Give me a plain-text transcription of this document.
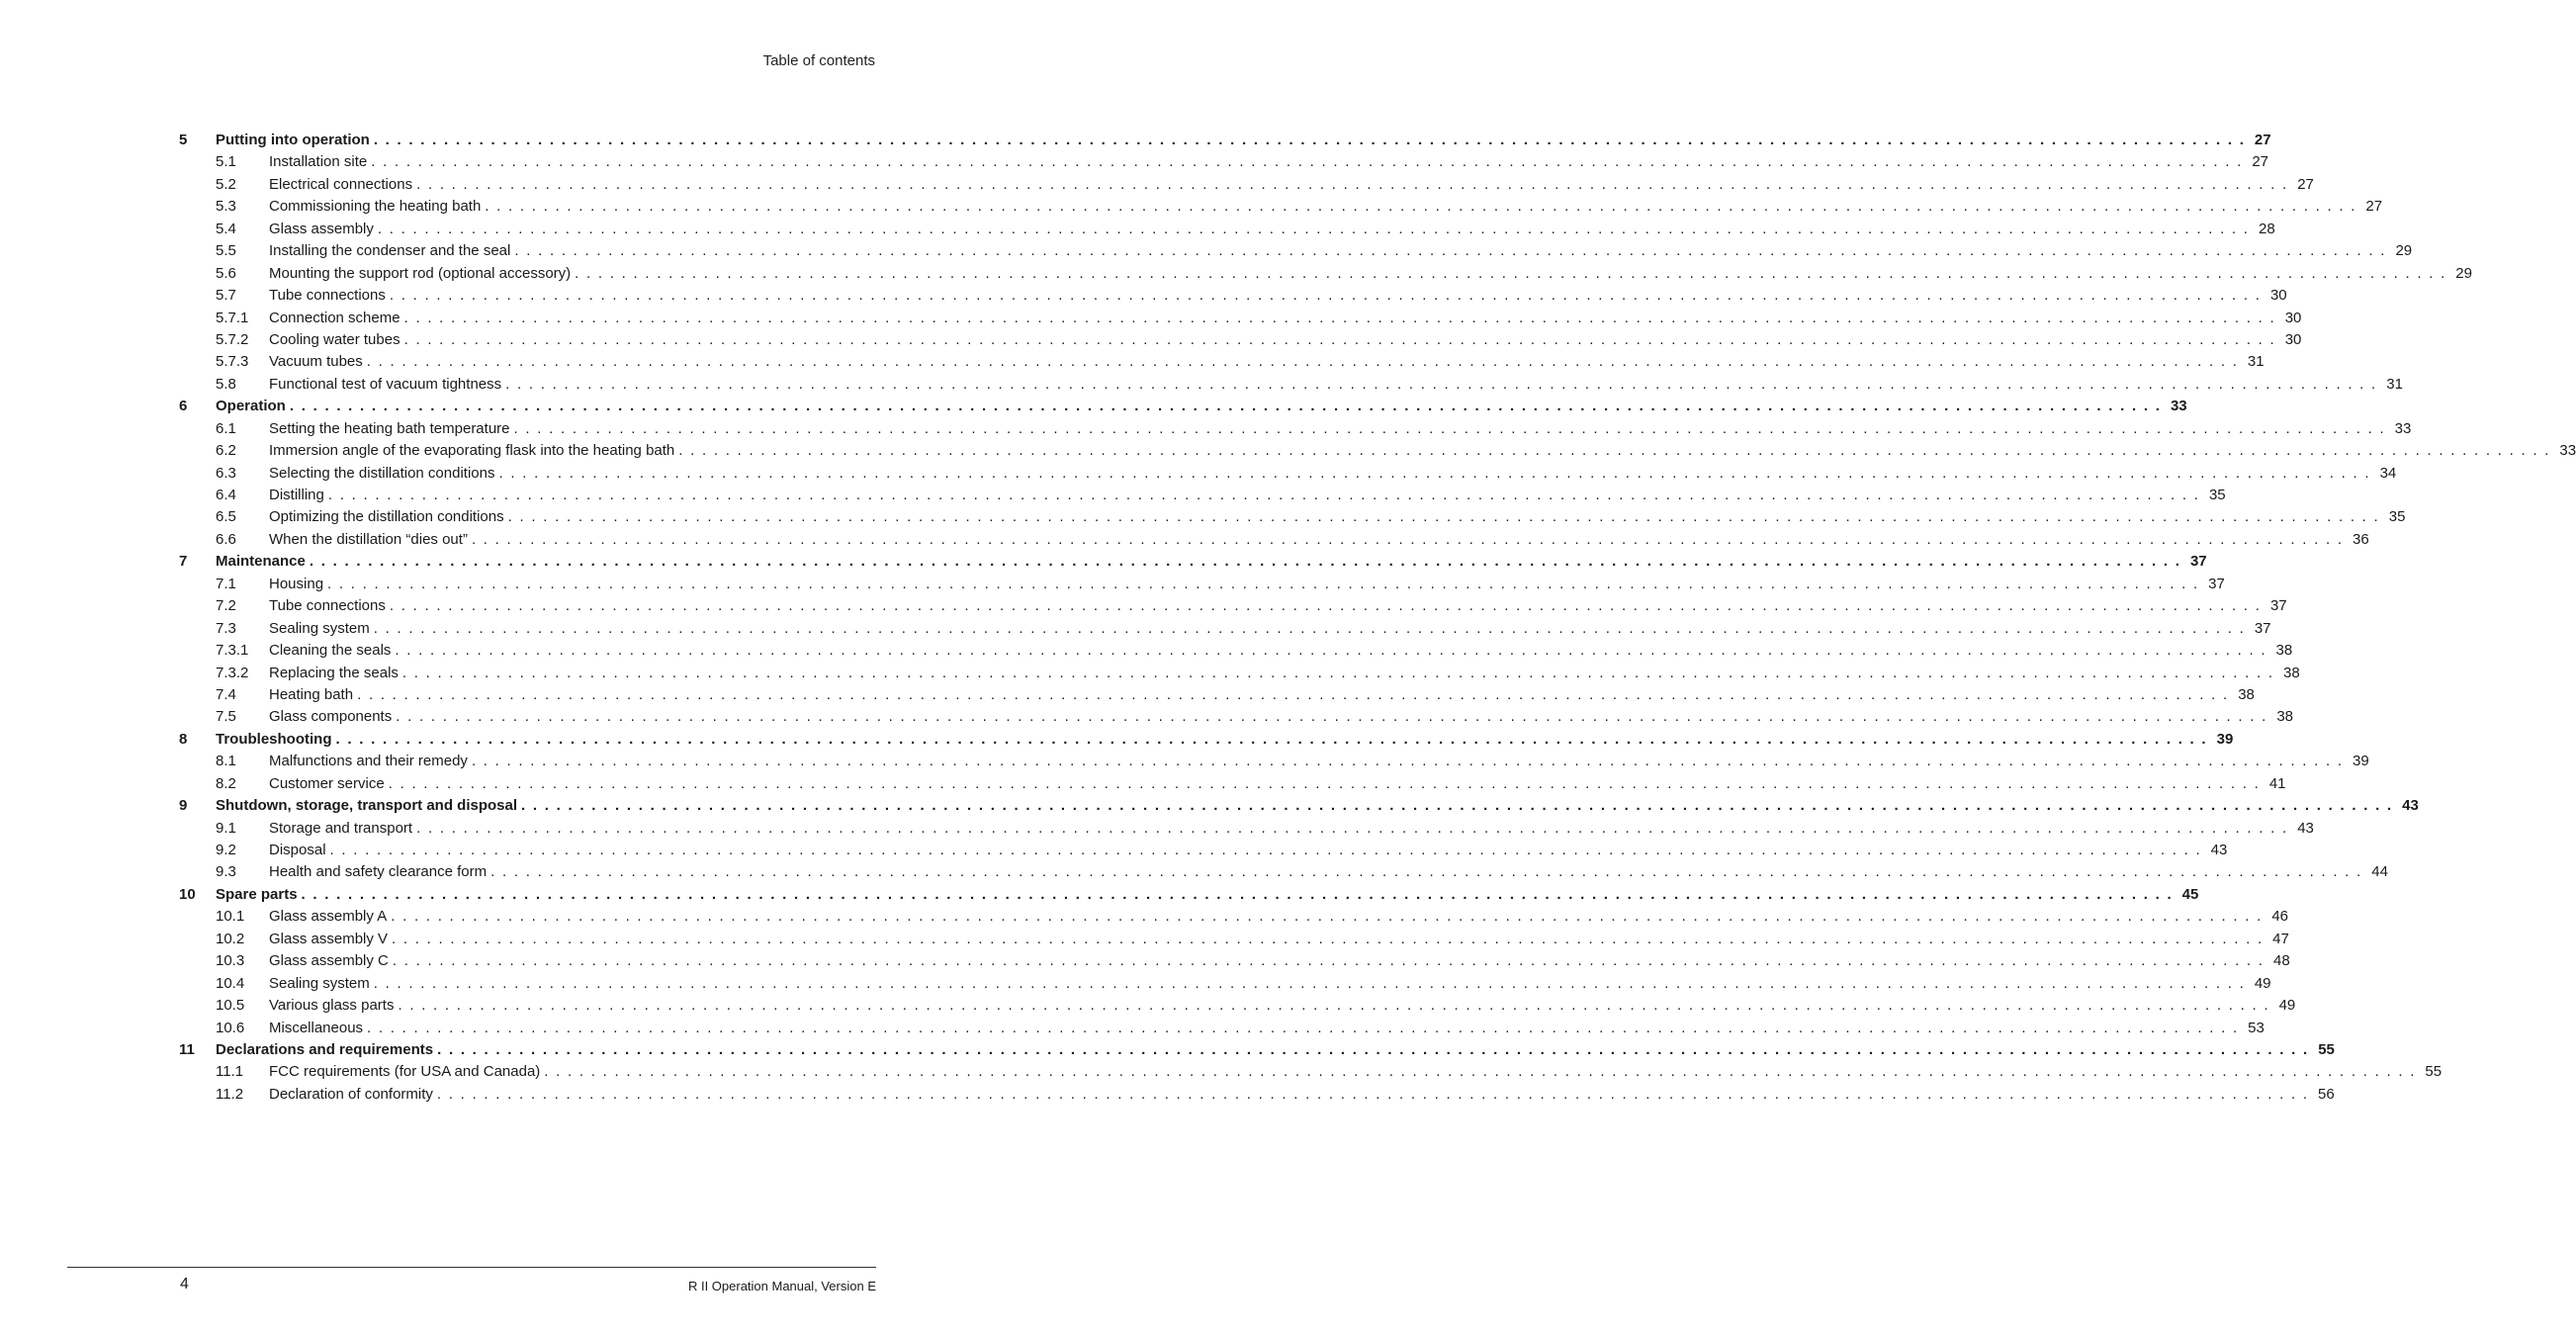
Table of contents
5 Putting into operation ................................................................................................................................................................ 27
5.1 Installation site ................................................................................................................................................................ 27
5.2 Electrical connections ................................................................................................................................................................ 27
5.3 Commissioning the heating bath ................................................................................................................................................................ 27
5.4 Glass assembly ................................................................................................................................................................ 28
5.5 Installing the condenser and the seal ................................................................................................................................................................ 29
5.6 Mounting the support rod (optional accessory) ................................................................................................................................................................ 29
5.7 Tube connections ................................................................................................................................................................ 30
5.7.1 Connection scheme ................................................................................................................................................................ 30
5.7.2 Cooling water tubes ................................................................................................................................................................ 30
5.7.3 Vacuum tubes ................................................................................................................................................................ 31
5.8 Functional test of vacuum tightness ................................................................................................................................................................ 31
6 Operation ................................................................................................................................................................ 33
6.1 Setting the heating bath temperature ................................................................................................................................................................ 33
6.2 Immersion angle of the evaporating flask into the heating bath ................................................................................................................................................................ 33
6.3 Selecting the distillation conditions ................................................................................................................................................................ 34
6.4 Distilling ................................................................................................................................................................ 35
6.5 Optimizing the distillation conditions ................................................................................................................................................................ 35
6.6 When the distillation “dies out” ................................................................................................................................................................ 36
7 Maintenance ................................................................................................................................................................ 37
7.1 Housing ................................................................................................................................................................ 37
7.2 Tube connections ................................................................................................................................................................ 37
7.3 Sealing system ................................................................................................................................................................ 37
7.3.1 Cleaning the seals ................................................................................................................................................................ 38
7.3.2 Replacing the seals ................................................................................................................................................................ 38
7.4 Heating bath ................................................................................................................................................................ 38
7.5 Glass components ................................................................................................................................................................ 38
8 Troubleshooting ................................................................................................................................................................ 39
8.1 Malfunctions and their remedy ................................................................................................................................................................ 39
8.2 Customer service ................................................................................................................................................................ 41
9 Shutdown, storage, transport and disposal ................................................................................................................................................................ 43
9.1 Storage and transport ................................................................................................................................................................ 43
9.2 Disposal ................................................................................................................................................................ 43
9.3 Health and safety clearance form ................................................................................................................................................................ 44
10 Spare parts ................................................................................................................................................................ 45
10.1 Glass assembly A ................................................................................................................................................................ 46
10.2 Glass assembly V ................................................................................................................................................................ 47
10.3 Glass assembly C ................................................................................................................................................................ 48
10.4 Sealing system ................................................................................................................................................................ 49
10.5 Various glass parts ................................................................................................................................................................ 49
10.6 Miscellaneous ................................................................................................................................................................ 53
11 Declarations and requirements ................................................................................................................................................................ 55
11.1 FCC requirements (for USA and Canada) ................................................................................................................................................................ 55
11.2 Declaration of conformity ................................................................................................................................................................ 56
4	R II Operation Manual, Version E
